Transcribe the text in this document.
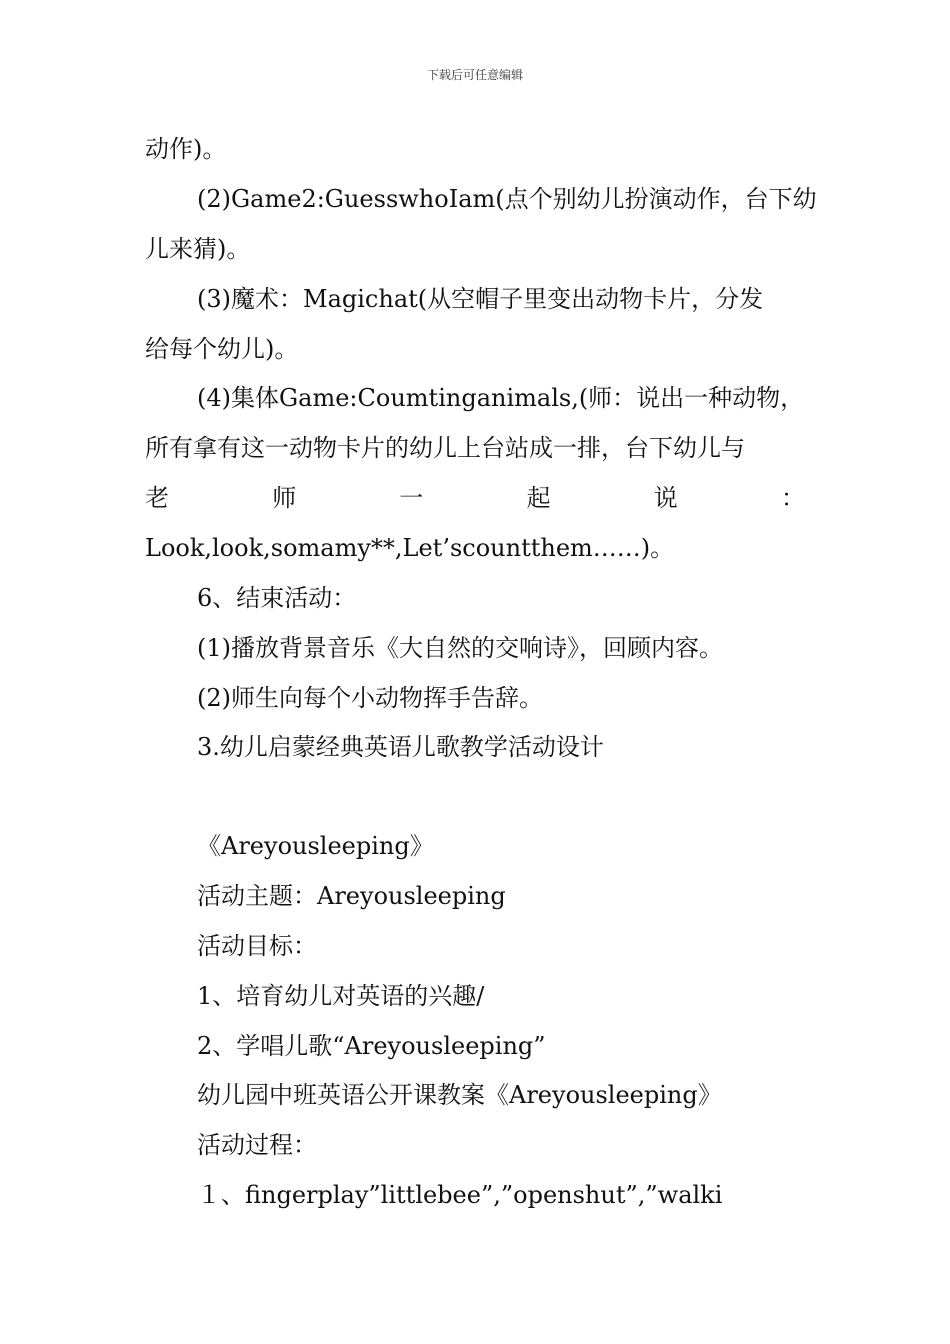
下载后可任意编辑
动作)。
(2)Game2:GuesswhoIam(点个别幼儿扮演动作，台下幼
儿来猜)。
(3)魔术：Magichat(从空帽子里变出动物卡片，分发
给每个幼儿)。
(4)集体Game:Coumtinganimals,(师：说出一种动物，
所有拿有这一动物卡片的幼儿上台站成一排，台下幼儿与
老	师	一	起	说	：
Look,look,somamy**,Let’scountthem……)。
6、结束活动：
(1)播放背景音乐《大自然的交响诗》，回顾内容。
(2)师生向每个小动物挥手告辞。
3.幼儿启蒙经典英语儿歌教学活动设计
《Areyousleeping》
活动主题：Areyousleeping
活动目标：
1、培育幼儿对英语的兴趣/
2、学唱儿歌“Areyousleeping”
幼儿园中班英语公开课教案《Areyousleeping》
活动过程：
１、fingerplay”littlebee”,”openshut”,”walki
